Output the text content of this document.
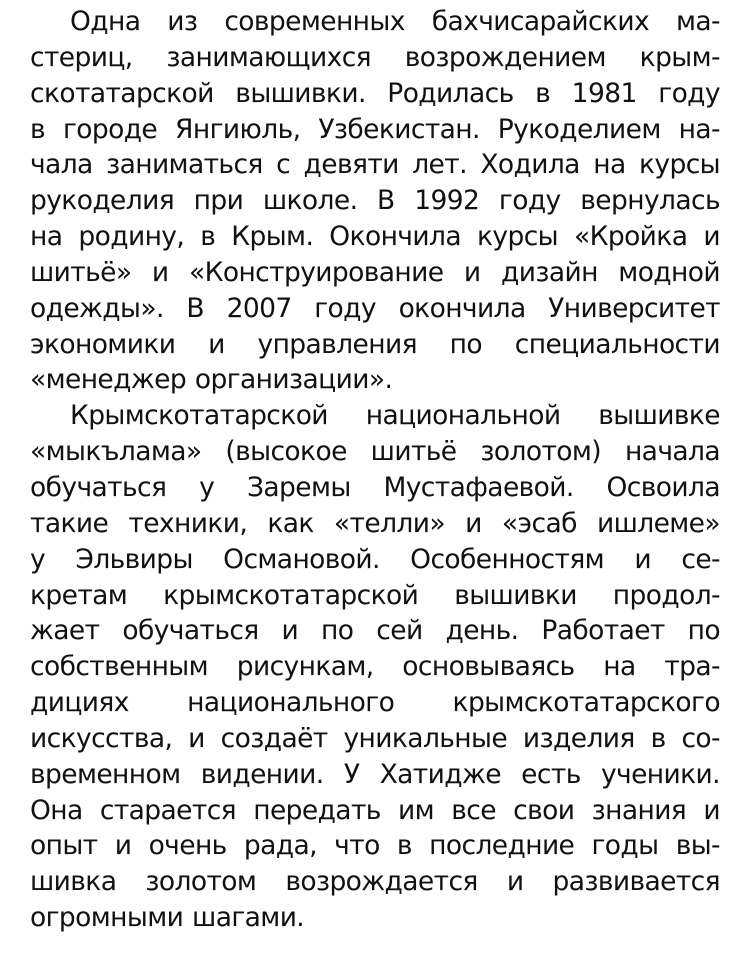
Одна из современных бахчисарайских ма-
стериц, занимающихся возрождением крым-
скотатарской вышивки. Родилась в 1981 году
в городе Янгиюль, Узбекистан. Рукоделием на-
чала заниматься с девяти лет. Ходила на курсы
рукоделия при школе. В 1992 году вернулась
на родину, в Крым. Окончила курсы «Кройка и
шитьё» и «Конструирование и дизайн модной
одежды». В 2007 году окончила Университет
экономики и управления по специальности
«менеджер организации».

Крымскотатарской национальной вышивке
«мыкълама» (высокое шитьё золотом) начала
обучаться у Заремы Мустафаевой. Освоила
такие техники, как «телли» и «эсаб ишлеме»
у Эльвиры Османовой. Особенностям и се-
кретам крымскотатарской вышивки продол-
жает обучаться и по сей день. Работает по
собственным рисункам, основываясь на тра-
дициях национального крымскотатарского
искусства, и создаёт уникальные изделия в со-
временном видении. У Хатидже есть ученики.
Она старается передать им все свои знания и
опыт и очень рада, что в последние годы вы-
шивка золотом возрождается и развивается
огромными шагами.
